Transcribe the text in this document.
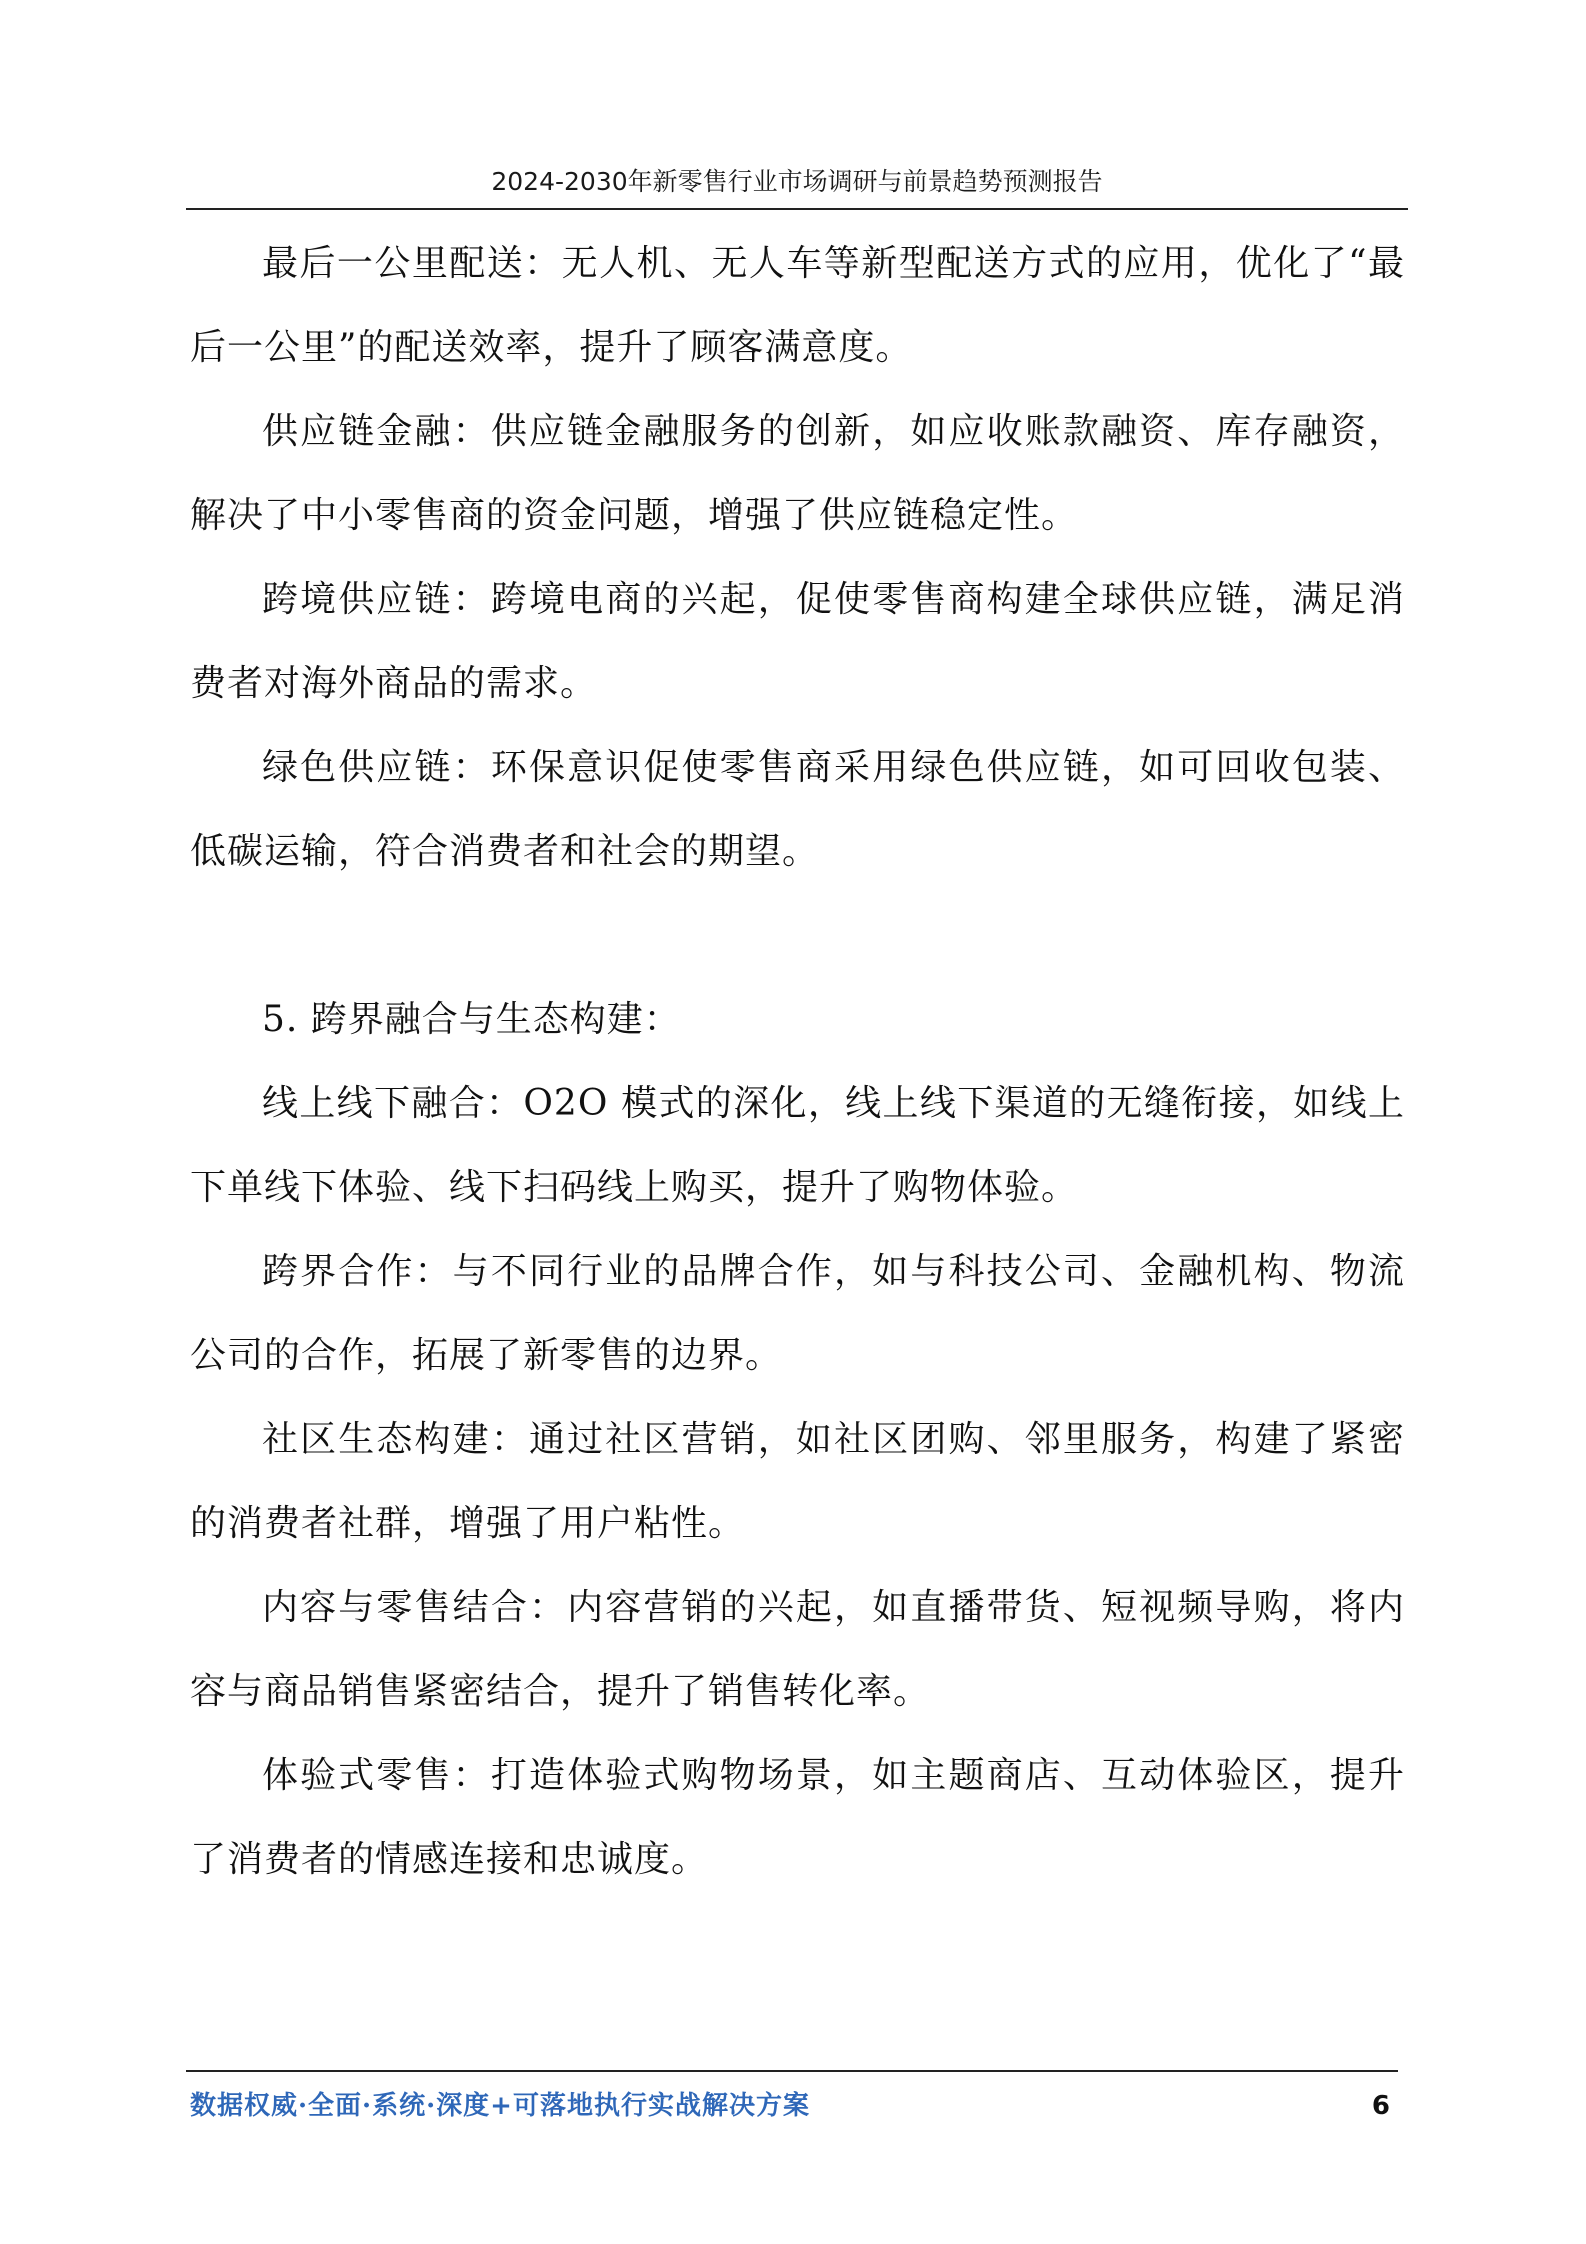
2024-2030年新零售行业市场调研与前景趋势预测报告

最后一公里配送：无人机、无人车等新型配送方式的应用，优化了“最后一公里”的配送效率，提升了顾客满意度。

供应链金融：供应链金融服务的创新，如应收账款融资、库存融资，解决了中小零售商的资金问题，增强了供应链稳定性。

跨境供应链：跨境电商的兴起，促使零售商构建全球供应链，满足消费者对海外商品的需求。

绿色供应链：环保意识促使零售商采用绿色供应链，如可回收包装、低碳运输，符合消费者和社会的期望。

5. 跨界融合与生态构建：

线上线下融合：O2O 模式的深化，线上线下渠道的无缝衔接，如线上下单线下体验、线下扫码线上购买，提升了购物体验。

跨界合作：与不同行业的品牌合作，如与科技公司、金融机构、物流公司的合作，拓展了新零售的边界。

社区生态构建：通过社区营销，如社区团购、邻里服务，构建了紧密的消费者社群，增强了用户粘性。

内容与零售结合：内容营销的兴起，如直播带货、短视频导购，将内容与商品销售紧密结合，提升了销售转化率。

体验式零售：打造体验式购物场景，如主题商店、互动体验区，提升了消费者的情感连接和忠诚度。

数据权威·全面·系统·深度+可落地执行实战解决方案	6
